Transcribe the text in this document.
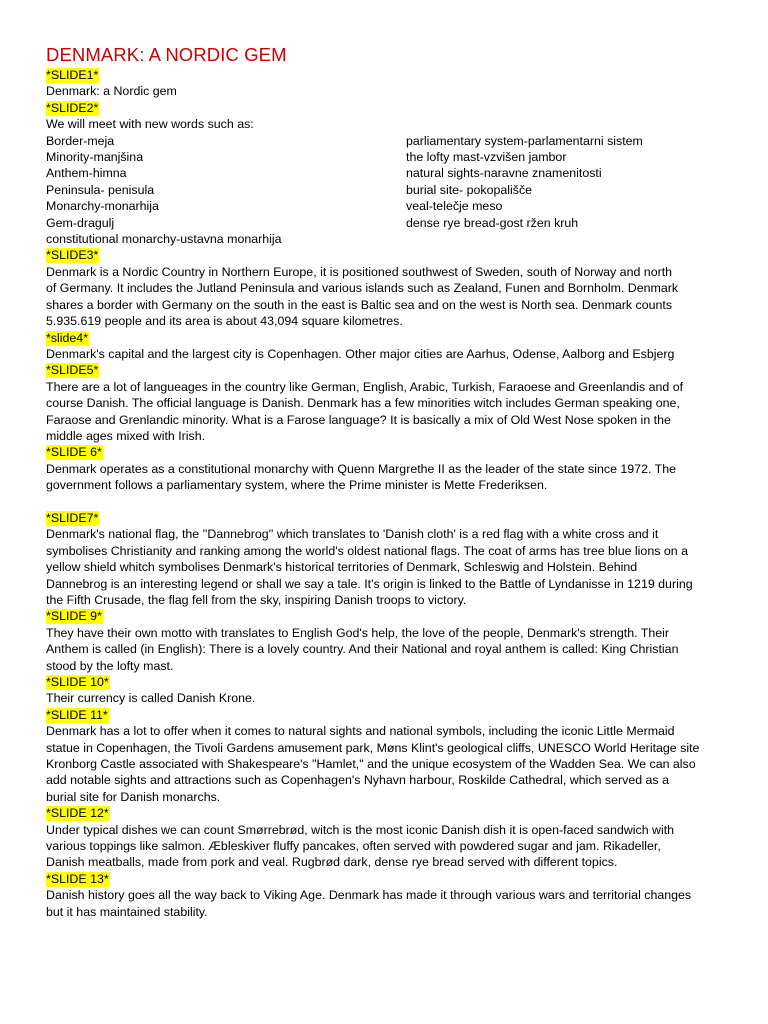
DENMARK: A NORDIC GEM
*SLIDE1*
Denmark: a Nordic gem
*SLIDE2*
We will meet with new words such as:
Border-meja
Minority-manjšina
Anthem-himna
Peninsula- penisula
Monarchy-monarhija
Gem-dragulj
parliamentary system-parlamentarni sistem
the lofty mast-vzvišen jambor
natural sights-naravne znamenitosti
burial site- pokopališče
veal-telečje meso
dense rye bread-gost ržen kruh
constitutional monarchy-ustavna monarhija
*SLIDE3*
Denmark is a Nordic Country in Northern Europe, it is positioned southwest of Sweden, south of Norway and north
of Germany. It includes the Jutland Peninsula and various islands such as Zealand, Funen and Bornholm. Denmark
shares a border with Germany on the south in the east is Baltic sea and on the west is North sea. Denmark counts
5.935.619 people and its area is about 43,094 square kilometres.
*slide4*
Denmark's capital and the largest city is Copenhagen. Other major cities are Aarhus, Odense, Aalborg and Esbjerg
*SLIDE5*
There are a lot of langueages in the country like German, English, Arabic, Turkish, Faraoese and Greenlandis and of
course Danish. The official language is Danish. Denmark has a few minorities witch includes German speaking one,
Faraose and Grenlandic minority. What is a Farose language? It is basically a mix of Old West Nose spoken in the
middle ages mixed with Irish.
*SLIDE 6*
Denmark operates as a constitutional monarchy with Quenn Margrethe II as the leader of the state since 1972. The
government follows a parliamentary system, where the Prime minister is Mette Frederiksen.
*SLIDE7*
Denmark's national flag, the ''Dannebrog'' which translates to 'Danish cloth' is a red flag with a white cross and it
symbolises Christianity and ranking among the world's oldest national flags. The coat of arms has tree blue lions on a
yellow shield whitch symbolises Denmark's historical territories of Denmark, Schleswig and Holstein. Behind
Dannebrog is an interesting legend or shall we say a tale. It's origin is linked to the Battle of Lyndanisse in 1219 during
the Fifth Crusade, the flag fell from the sky, inspiring Danish troops to victory.
*SLIDE 9*
They have their own motto with translates to English God's help, the love of the people, Denmark's strength. Their
Anthem is called (in English): There is a lovely country. And their National and royal anthem is called: King Christian
stood by the lofty mast.
*SLIDE 10*
Their currency is called Danish Krone.
*SLIDE 11*
Denmark has a lot to offer when it comes to natural sights and national symbols, including the iconic Little Mermaid
statue in Copenhagen, the Tivoli Gardens amusement park, Møns Klint's geological cliffs, UNESCO World Heritage site
Kronborg Castle associated with Shakespeare's "Hamlet," and the unique ecosystem of the Wadden Sea. We can also
add notable sights and attractions such as Copenhagen's Nyhavn harbour, Roskilde Cathedral, which served as a
burial site for Danish monarchs.
*SLIDE 12*
Under typical dishes we can count Smørrebrød, witch is the most iconic Danish dish it is open-faced sandwich with
various toppings like salmon. Æbleskiver fluffy pancakes, often served with powdered sugar and jam. Rikadeller,
Danish meatballs, made from pork and veal. Rugbrød dark, dense rye bread served with different topics.
*SLIDE 13*
Danish history goes all the way back to Viking Age. Denmark has made it through various wars and territorial changes
but it has maintained stability.
